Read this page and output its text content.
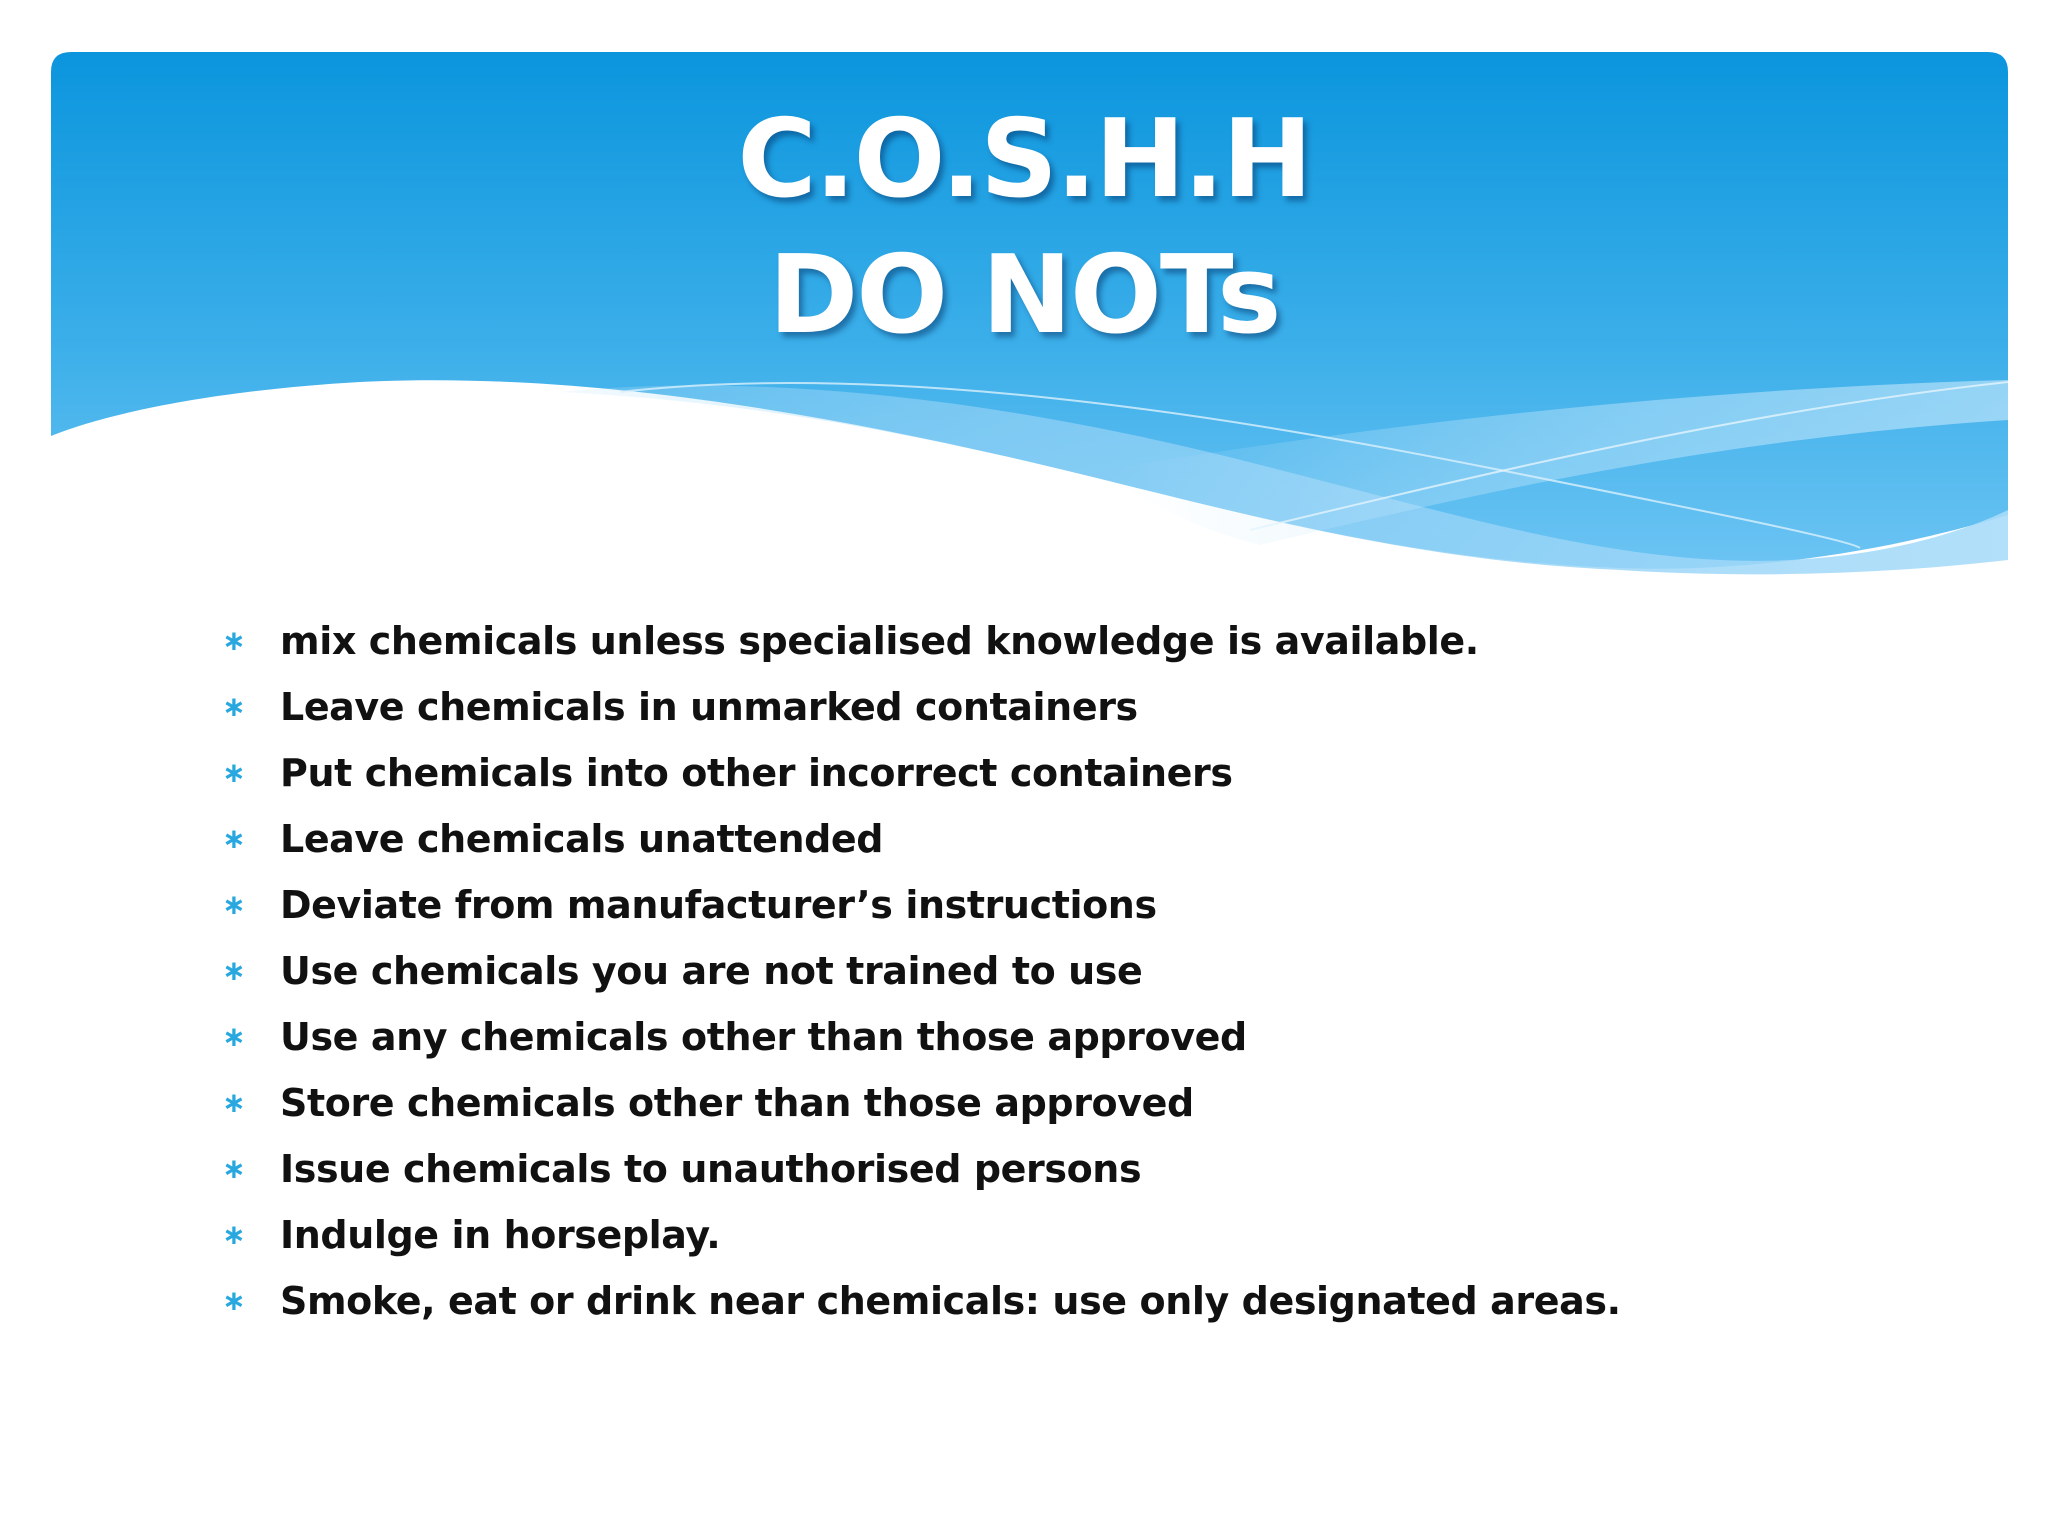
C.O.S.H.H
DO NOTs
∗ mix chemicals unless specialised knowledge is available.
∗ Leave chemicals in unmarked containers
∗ Put chemicals into other incorrect containers
∗ Leave chemicals unattended
∗ Deviate from manufacturer’s instructions
∗ Use chemicals you are not trained to use
∗ Use any chemicals other than those approved
∗ Store chemicals other than those approved
∗ Issue chemicals to unauthorised persons
∗ Indulge in horseplay.
∗ Smoke, eat or drink near chemicals: use only designated areas.
